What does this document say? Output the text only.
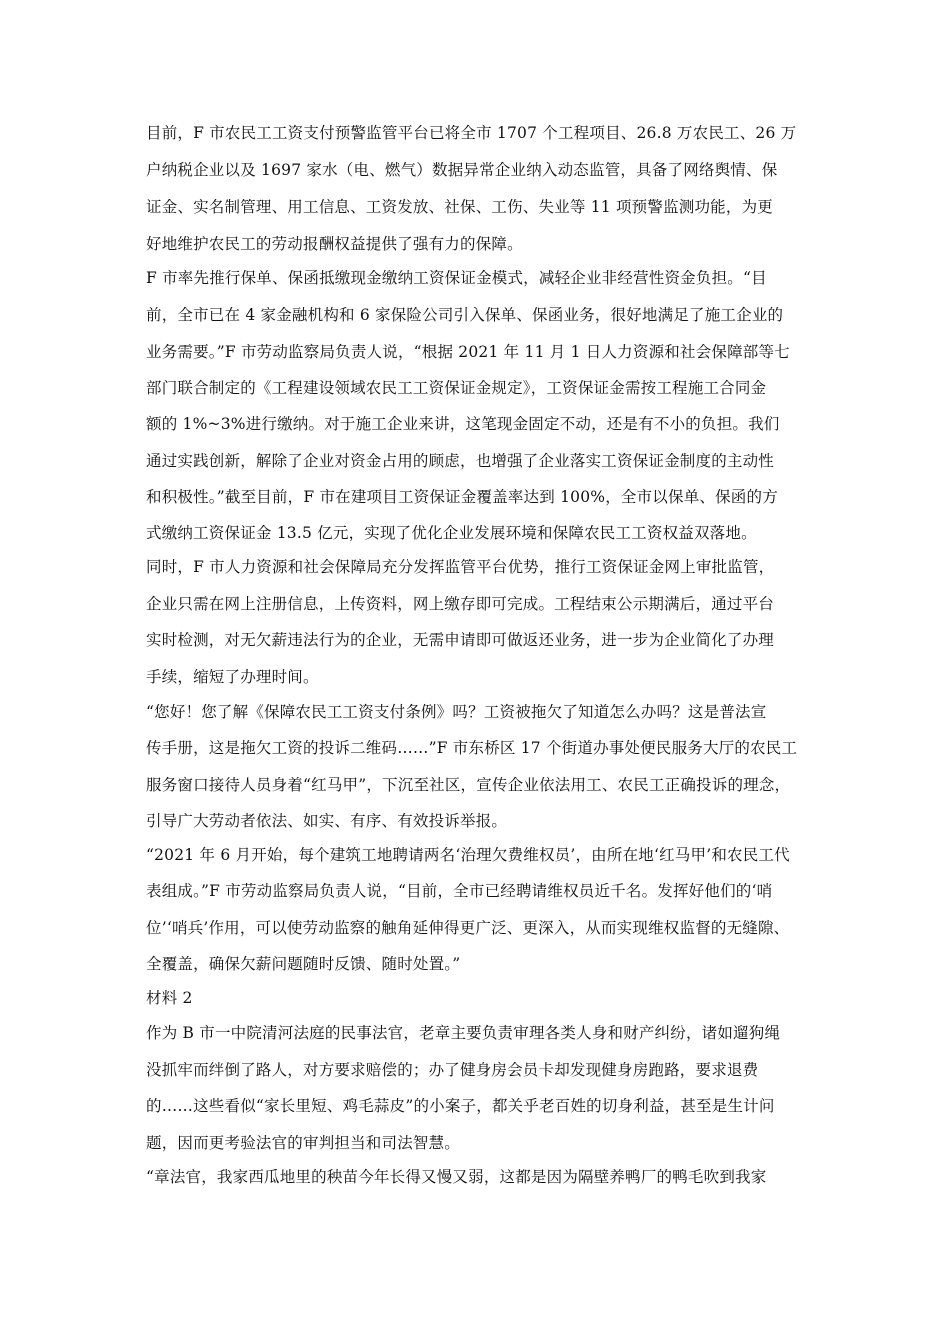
目前，F 市农民工工资支付预警监管平台已将全市 1707 个工程项目、26.8 万农民工、26 万
户纳税企业以及 1697 家水（电、燃气）数据异常企业纳入动态监管，具备了网络舆情、保
证金、实名制管理、用工信息、工资发放、社保、工伤、失业等 11 项预警监测功能，为更
好地维护农民工的劳动报酬权益提供了强有力的保障。
F 市率先推行保单、保函抵缴现金缴纳工资保证金模式，减轻企业非经营性资金负担。“目
前，全市已在 4 家金融机构和 6 家保险公司引入保单、保函业务，很好地满足了施工企业的
业务需要。”F 市劳动监察局负责人说，“根据 2021 年 11 月 1 日人力资源和社会保障部等七
部门联合制定的《工程建设领域农民工工资保证金规定》，工资保证金需按工程施工合同金
额的 1%~3%进行缴纳。对于施工企业来讲，这笔现金固定不动，还是有不小的负担。我们
通过实践创新，解除了企业对资金占用的顾虑，也增强了企业落实工资保证金制度的主动性
和积极性。”截至目前，F 市在建项目工资保证金覆盖率达到 100%，全市以保单、保函的方
式缴纳工资保证金 13.5 亿元，实现了优化企业发展环境和保障农民工工资权益双落地。
同时，F 市人力资源和社会保障局充分发挥监管平台优势，推行工资保证金网上审批监管，
企业只需在网上注册信息，上传资料，网上缴存即可完成。工程结束公示期满后，通过平台
实时检测，对无欠薪违法行为的企业，无需申请即可做返还业务，进一步为企业简化了办理
手续，缩短了办理时间。
“您好！您了解《保障农民工工资支付条例》吗？工资被拖欠了知道怎么办吗？这是普法宣
传手册，这是拖欠工资的投诉二维码……”F 市东桥区 17 个街道办事处便民服务大厅的农民工
服务窗口接待人员身着“红马甲”，下沉至社区，宣传企业依法用工、农民工正确投诉的理念，
引导广大劳动者依法、如实、有序、有效投诉举报。
“2021 年 6 月开始，每个建筑工地聘请两名‘治理欠费维权员’，由所在地‘红马甲’和农民工代
表组成。”F 市劳动监察局负责人说，“目前，全市已经聘请维权员近千名。发挥好他们的‘哨
位’‘哨兵’作用，可以使劳动监察的触角延伸得更广泛、更深入，从而实现维权监督的无缝隙、
全覆盖，确保欠薪问题随时反馈、随时处置。”
材料 2
作为 B 市一中院清河法庭的民事法官，老章主要负责审理各类人身和财产纠纷，诸如遛狗绳
没抓牢而绊倒了路人，对方要求赔偿的；办了健身房会员卡却发现健身房跑路，要求退费
的……这些看似“家长里短、鸡毛蒜皮”的小案子，都关乎老百姓的切身利益，甚至是生计问
题，因而更考验法官的审判担当和司法智慧。
“章法官，我家西瓜地里的秧苗今年长得又慢又弱，这都是因为隔壁养鸭厂的鸭毛吹到我家
